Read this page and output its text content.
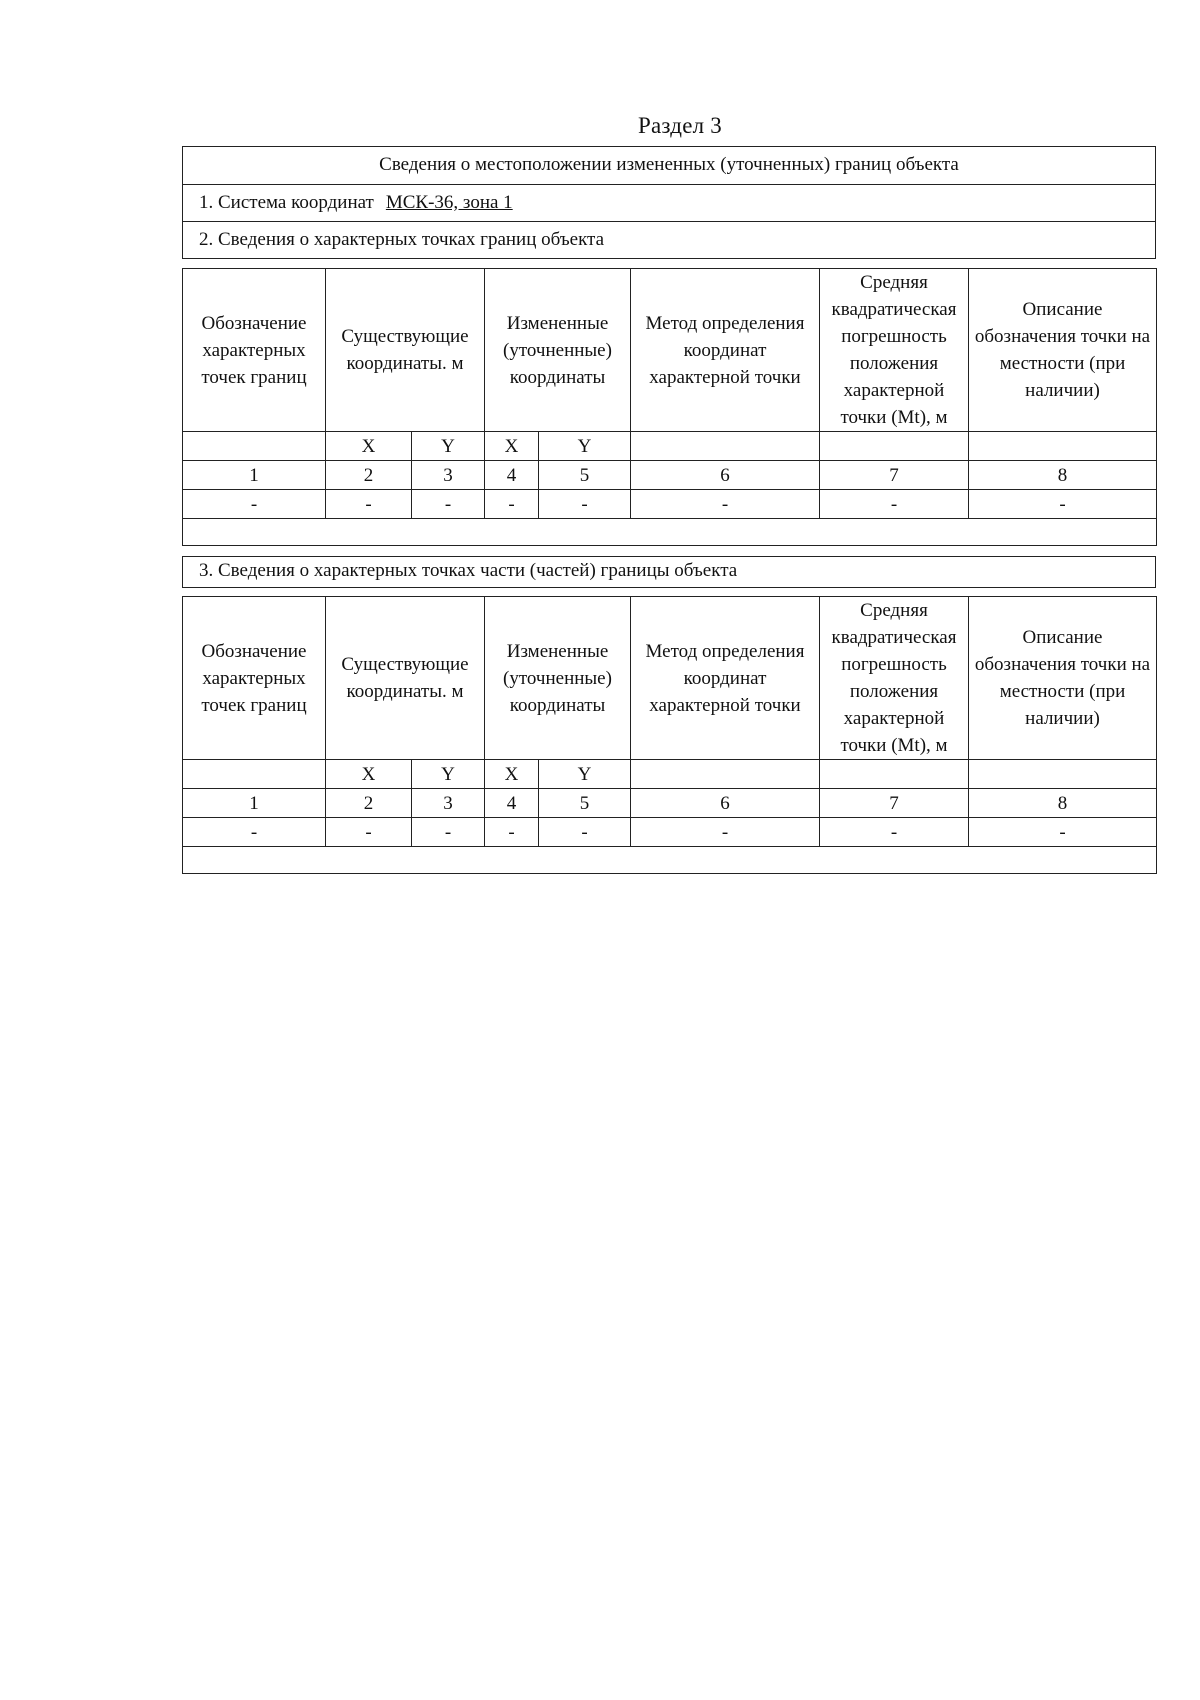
Раздел 3
Сведения о местоположении измененных (уточненных) границ объекта
1. Система координат МСК-36, зона 1
2. Сведения о характерных точках границ объекта
Обозначение характерных точек границ	Существующие координаты. м		Измененные (уточненные) координаты		Метод определения координат характерной точки	Средняя квадратическая погрешность положения характерной точки (Mt), м	Описание обозначения точки на местности (при наличии)
	X	Y	X	Y			
1	2	3	4	5	6	7	8
-	-	-	-	-	-	-	-

3. Сведения о характерных точках части (частей) границы объекта
Обозначение характерных точек границ	Существующие координаты. м		Измененные (уточненные) координаты		Метод определения координат характерной точки	Средняя квадратическая погрешность положения характерной точки (Mt), м	Описание обозначения точки на местности (при наличии)
	X	Y	X	Y			
1	2	3	4	5	6	7	8
-	-	-	-	-	-	-	-
